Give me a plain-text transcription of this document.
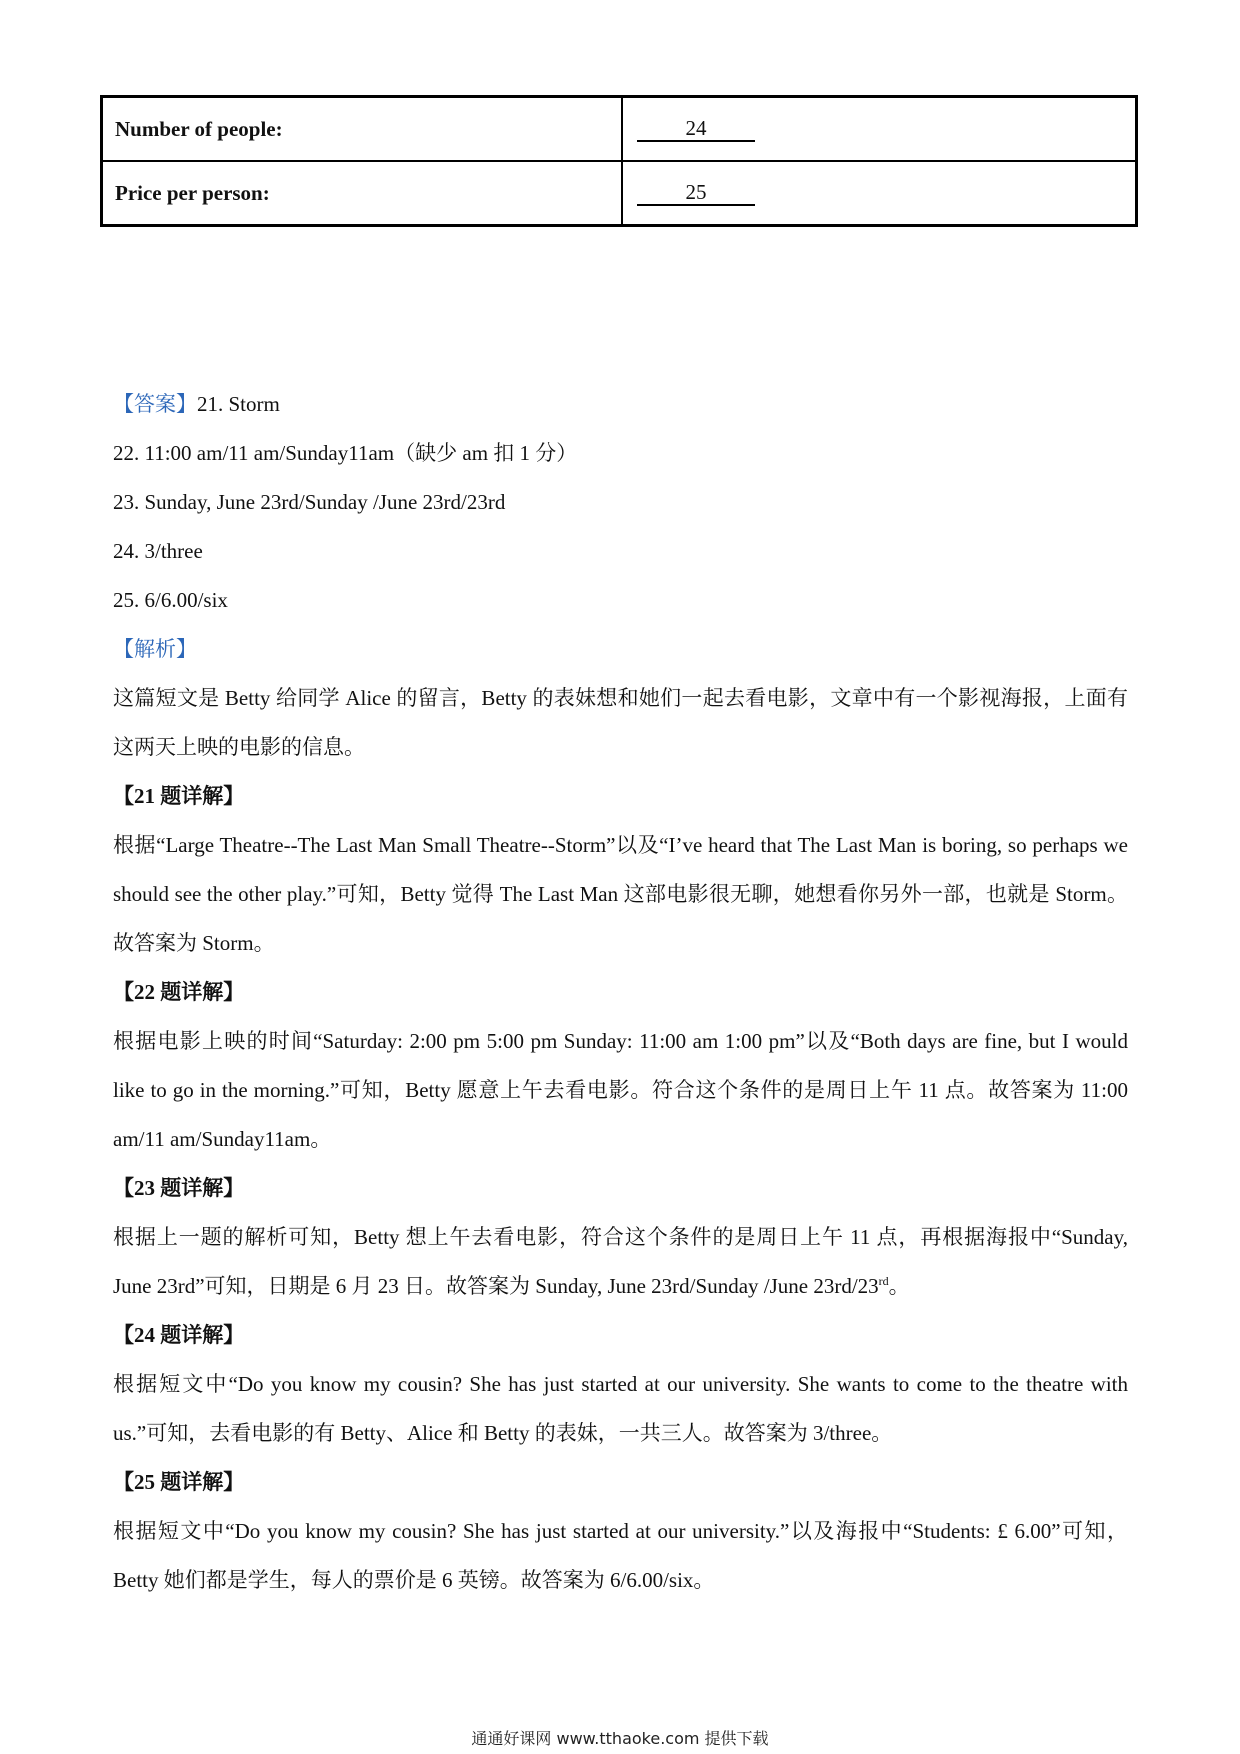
Number of people:	24
Price per person:	25

【答案】21. Storm

22. 11:00 am/11 am/Sunday11am（缺少 am 扣 1 分）

23. Sunday, June 23rd/Sunday /June 23rd/23rd

24. 3/three

25. 6/6.00/six

【解析】

这篇短文是 Betty 给同学 Alice 的留言，Betty 的表妹想和她们一起去看电影，文章中有一个影视海报，上面有这两天上映的电影的信息。

【21 题详解】

根据“Large Theatre--The Last Man Small Theatre--Storm”以及“I’ve heard that The Last Man is boring, so perhaps we should see the other play.”可知，Betty 觉得 The Last Man 这部电影很无聊，她想看你另外一部，也就是 Storm。故答案为 Storm。

【22 题详解】

根据电影上映的时间“Saturday: 2:00 pm 5:00 pm Sunday: 11:00 am 1:00 pm”以及“Both days are fine, but I would like to go in the morning.”可知，Betty 愿意上午去看电影。符合这个条件的是周日上午 11 点。故答案为 11:00 am/11 am/Sunday11am。

【23 题详解】

根据上一题的解析可知，Betty 想上午去看电影，符合这个条件的是周日上午 11 点，再根据海报中“Sunday, June 23rd”可知，日期是 6 月 23 日。故答案为 Sunday, June 23rd/Sunday /June 23rd/23rd。

【24 题详解】

根据短文中“Do you know my cousin? She has just started at our university. She wants to come to the theatre with us.”可知，去看电影的有 Betty、Alice 和 Betty 的表妹，一共三人。故答案为 3/three。

【25 题详解】

根据短文中“Do you know my cousin? She has just started at our university.”以及海报中“Students: £ 6.00”可知，Betty 她们都是学生，每人的票价是 6 英镑。故答案为 6/6.00/six。

通通好课网 www.tthaoke.com 提供下载
